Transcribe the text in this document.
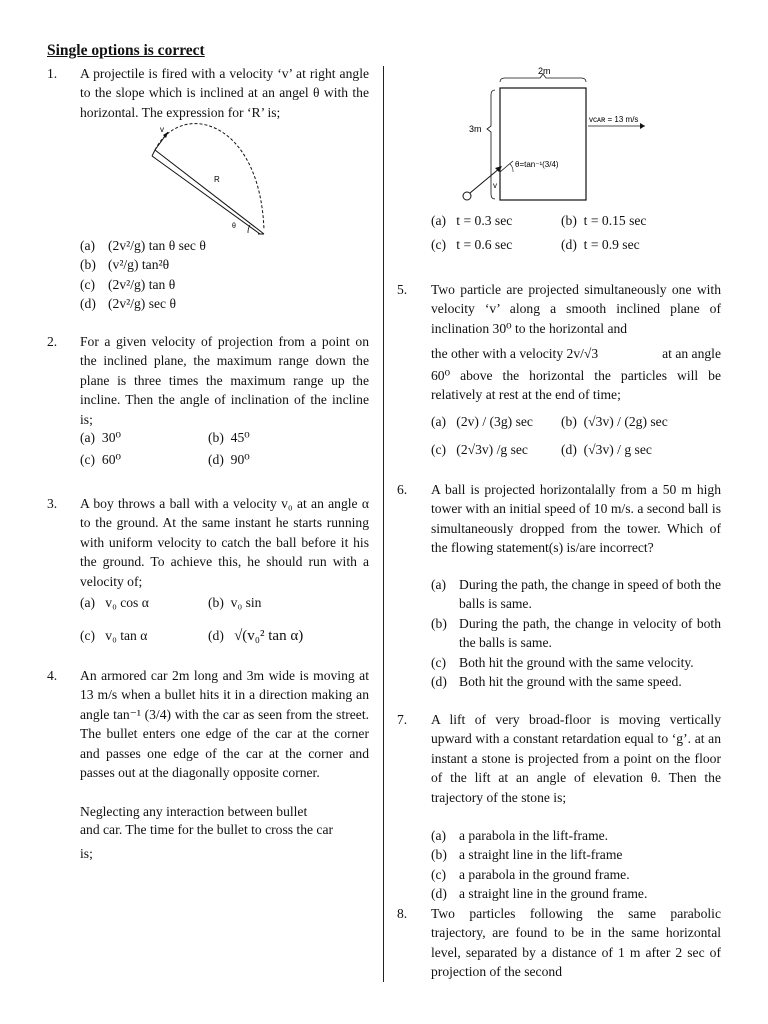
Single options is correct
1. A projectile is fired with a velocity ‘v’ at right angle to the slope which is inclined at an angel θ with the horizontal. The expression for ‘R’ is;
v
R
θ
(a) (2v²/g) tan θ sec θ
(b) (v²/g) tan²θ
(c) (2v²/g) tan θ
(d) (2v²/g) sec θ
2. For a given velocity of projection from a point on the inclined plane, the maximum range down the plane is three times the maximum range up the incline. Then the angle of inclination of the incline is;
(a) 30⁰	(b) 45⁰
(c) 60⁰	(d) 90⁰
3. A boy throws a ball with a velocity v₀ at an angle α to the ground. At the same instant he starts running with uniform velocity to catch the ball before it his the ground. To achieve this, he should run with a velocity of;
(a) v₀ cos α	(b) v₀ sin
(c) v₀ tan α	(d) √(v₀² tan α)
4. An armored car 2m long and 3m wide is moving at 13 m/s when a bullet hits it in a direction making an angle tan⁻¹ (3/4) with the car as seen from the street. The bullet enters one edge of the car at the corner and passes one edge of the car at the corner and passes out at the diagonally opposite corner.
Neglecting any interaction between bullet
and car. The time for the bullet to cross the car
is;
2m
3m
vᴄᴀʀ = 13 m/s
v
θ=tan⁻¹(3/4)
(a) t = 0.3 sec	(b) t = 0.15 sec
(c) t = 0.6 sec	(d) t = 0.9 sec
5. Two particle are projected simultaneously one with velocity ‘v’ along a smooth inclined plane of inclination 30⁰ to the horizontal and
the other with a velocity 2v/√3	at an angle
60⁰ above the horizontal the particles will be relatively at rest at the end of time;
(a) (2v) / (3g) sec (b) (√3v) / (2g) sec
(c) (2√3v) /g sec (d) (√3v) / g sec
6. A ball is projected horizontalally from a 50 m high tower with an initial speed of 10 m/s. a second ball is simultaneously dropped from the tower. Which of the flowing statement(s) is/are incorrect?
(a) During the path, the change in speed of both the balls is same.
(b) During the path, the change in velocity of both the balls is same.
(c) Both hit the ground with the same velocity.
(d) Both hit the ground with the same speed.
7. A lift of very broad-floor is moving vertically upward with a constant retardation equal to ‘g’. at an instant a stone is projected from a point on the floor of the lift at an angle of elevation θ. Then the trajectory of the stone is;
(a) a parabola in the lift-frame.
(b) a straight line in the lift-frame
(c) a parabola in the ground frame.
(d) a straight line in the ground frame.
8. Two particles following the same parabolic trajectory, are found to be in the same horizontal level, separated by a distance of 1 m after 2 sec of projection of the second
